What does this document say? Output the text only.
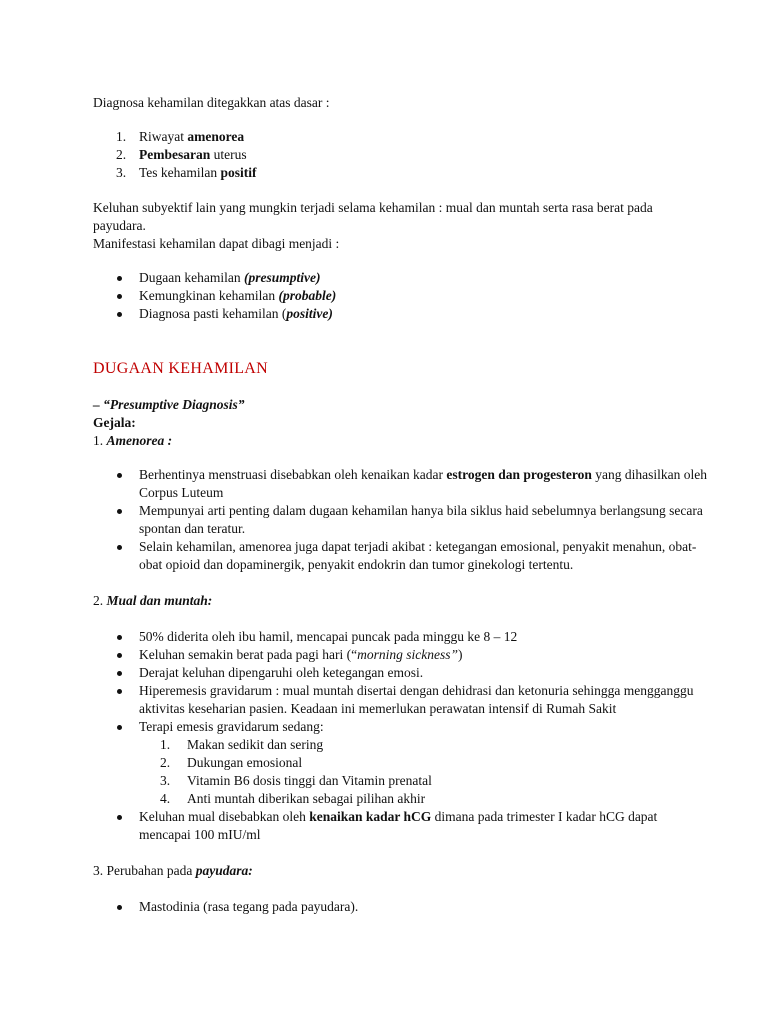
Diagnosa kehamilan ditegakkan atas dasar :

1. Riwayat amenorea
2. Pembesaran uterus
3. Tes kehamilan positif

Keluhan subyektif lain yang mungkin terjadi selama kehamilan : mual dan muntah serta rasa berat pada payudara.

Manifestasi kehamilan dapat dibagi menjadi :

Dugaan kehamilan (presumptive)
Kemungkinan kehamilan (probable)
Diagnosa pasti kehamilan (positive)

DUGAAN KEHAMILAN

– “Presumptive Diagnosis”

Gejala:

1. Amenorea :

Berhentinya menstruasi disebabkan oleh kenaikan kadar estrogen dan progesteron yang dihasilkan oleh Corpus Luteum
Mempunyai arti penting dalam dugaan kehamilan hanya bila siklus haid sebelumnya berlangsung secara spontan dan teratur.
Selain kehamilan, amenorea juga dapat terjadi akibat : ketegangan emosional, penyakit menahun, obat-obat opioid dan dopaminergik, penyakit endokrin dan tumor ginekologi tertentu.

2. Mual dan muntah:

50% diderita oleh ibu hamil, mencapai puncak pada minggu ke 8 – 12
Keluhan semakin berat pada pagi hari (“morning sickness”)
Derajat keluhan dipengaruhi oleh ketegangan emosi.
Hiperemesis gravidarum : mual muntah disertai dengan dehidrasi dan ketonuria sehingga mengganggu aktivitas keseharian pasien. Keadaan ini memerlukan perawatan intensif di Rumah Sakit
Terapi emesis gravidarum sedang:
1. Makan sedikit dan sering
2. Dukungan emosional
3. Vitamin B6 dosis tinggi dan Vitamin prenatal
4. Anti muntah diberikan sebagai pilihan akhir
Keluhan mual disebabkan oleh kenaikan kadar hCG dimana pada trimester I kadar hCG dapat mencapai 100 mIU/ml

3. Perubahan pada payudara:

Mastodinia (rasa tegang pada payudara).
